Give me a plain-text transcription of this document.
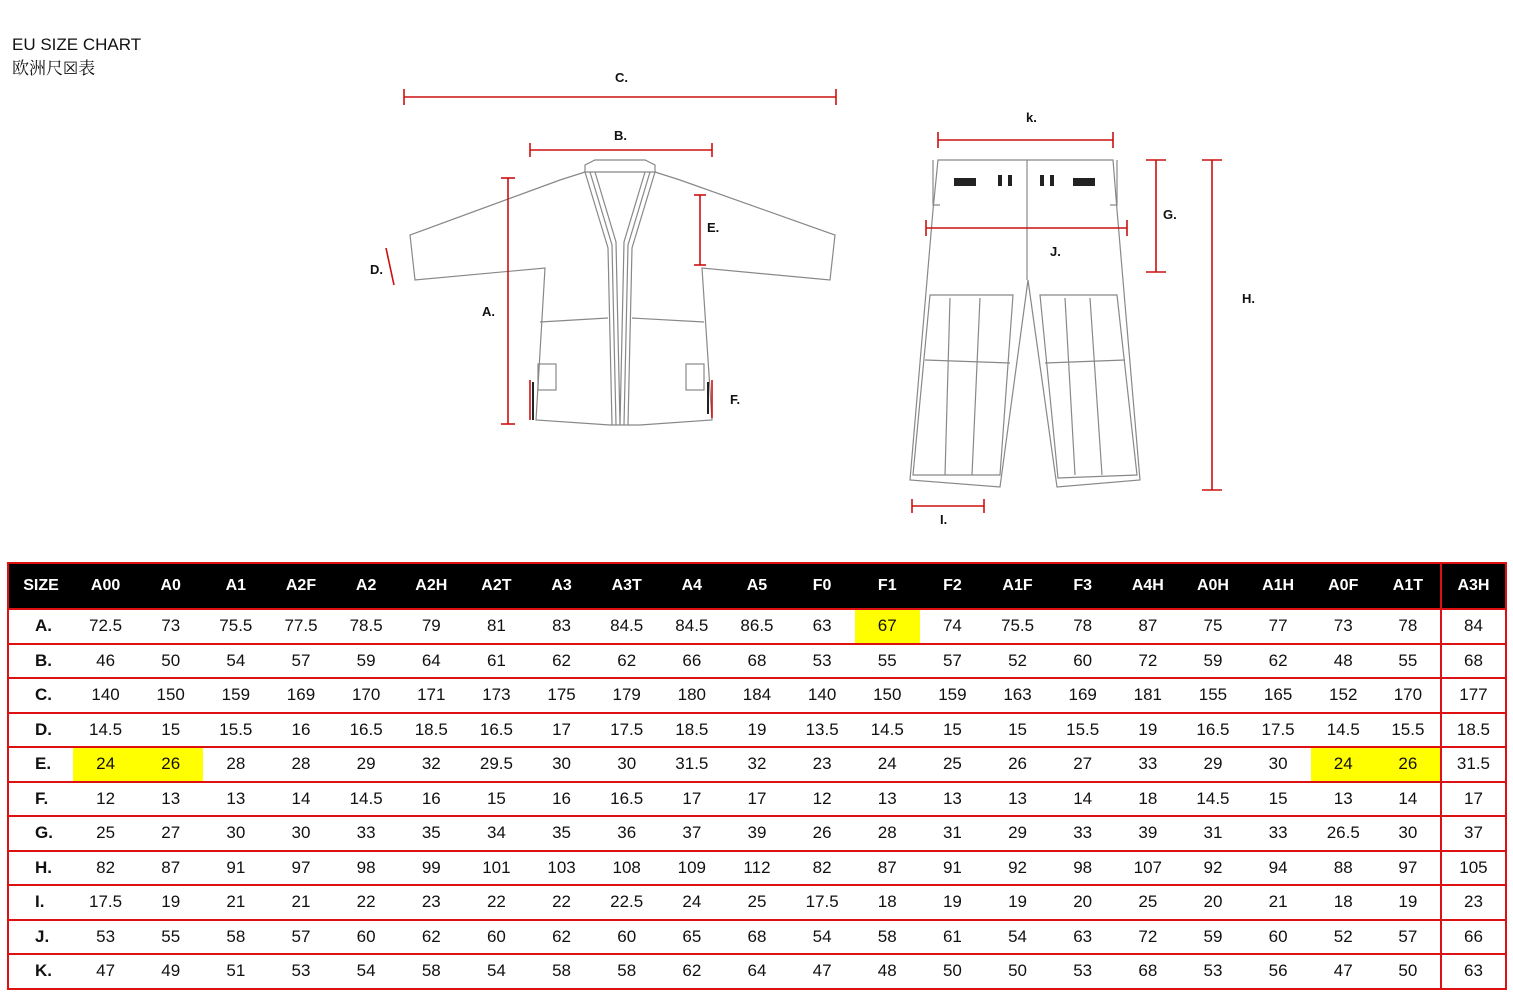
EU SIZE CHART
欧洲尺☒表	C.
B.
E.
D.
A.
F.
k.
G.
J.
H.
I.
SIZE	A00	A0	A1	A2F	A2	A2H	A2T	A3	A3T	A4	A5	F0	F1	F2	A1F	F3	A4H	A0H	A1H	A0F	A1T	A3H
A.	72.5	73	75.5	77.5	78.5	79	81	83	84.5	84.5	86.5	63	67	74	75.5	78	87	75	77	73	78	84
B.	46	50	54	57	59	64	61	62	62	66	68	53	55	57	52	60	72	59	62	48	55	68
C.	140	150	159	169	170	171	173	175	179	180	184	140	150	159	163	169	181	155	165	152	170	177
D.	14.5	15	15.5	16	16.5	18.5	16.5	17	17.5	18.5	19	13.5	14.5	15	15	15.5	19	16.5	17.5	14.5	15.5	18.5
E.	24	26	28	28	29	32	29.5	30	30	31.5	32	23	24	25	26	27	33	29	30	24	26	31.5
F.	12	13	13	14	14.5	16	15	16	16.5	17	17	12	13	13	13	14	18	14.5	15	13	14	17
G.	25	27	30	30	33	35	34	35	36	37	39	26	28	31	29	33	39	31	33	26.5	30	37
H.	82	87	91	97	98	99	101	103	108	109	112	82	87	91	92	98	107	92	94	88	97	105
I.	17.5	19	21	21	22	23	22	22	22.5	24	25	17.5	18	19	19	20	25	20	21	18	19	23
J.	53	55	58	57	60	62	60	62	60	65	68	54	58	61	54	63	72	59	60	52	57	66
K.	47	49	51	53	54	58	54	58	58	62	64	47	48	50	50	53	68	53	56	47	50	63
